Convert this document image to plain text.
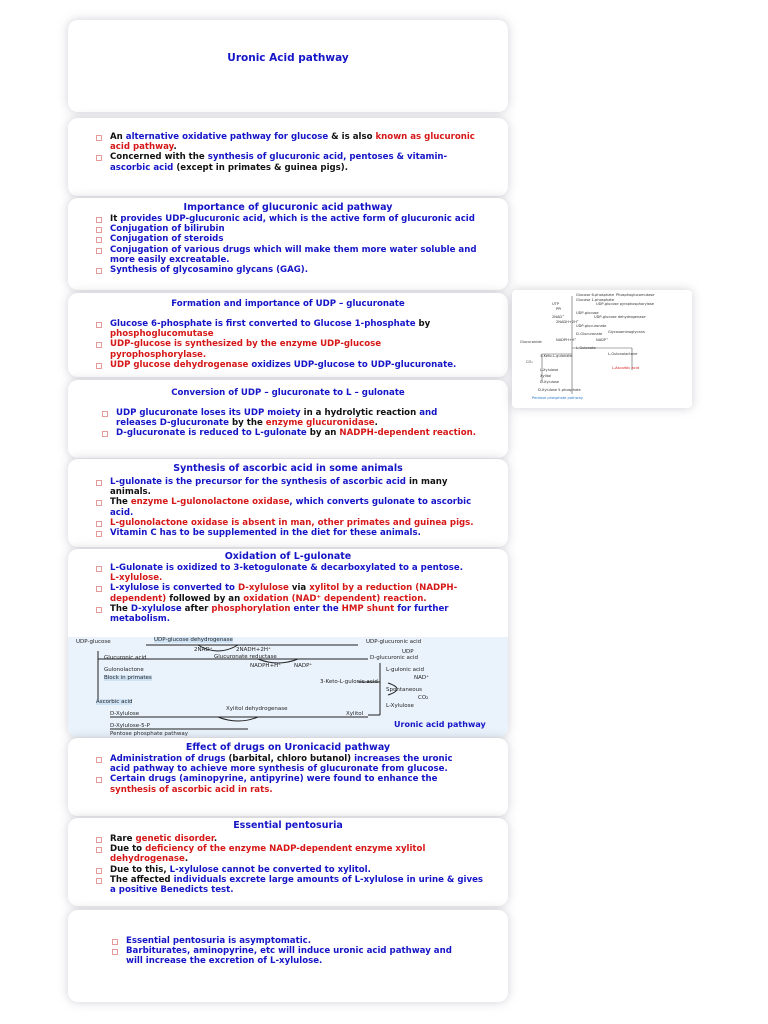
Uronic Acid pathway
An alternative oxidative pathway for glucose & is also known as glucuronic acid pathway.
Concerned with the synthesis of glucuronic acid, pentoses & vitamin-ascorbic acid (except in primates & guinea pigs).
Importance of glucuronic acid pathway
It provides UDP-glucuronic acid, which is the active form of glucuronic acid
Conjugation of bilirubin
Conjugation of steroids
Conjugation of various drugs which will make them more water soluble and more easily excreatable.
Synthesis of glycosamino glycans (GAG).
Formation and importance of UDP – glucuronate
Glucose 6-phosphate is first converted to Glucose 1-phosphate by phosphoglucomutase
UDP-glucose is synthesized by the enzyme UDP-glucose pyrophosphorylase.
UDP glucose dehydrogenase oxidizes UDP-glucose to UDP-glucuronate.
Conversion of UDP – glucuronate to L – gulonate
UDP glucuronate loses its UDP moiety in a hydrolytic reaction and releases D-glucuronate by the enzyme glucuronidase.
D-glucuronate is reduced to L-gulonate by an NADPH-dependent reaction.
Synthesis of ascorbic acid in some animals
L-gulonate is the precursor for the synthesis of ascorbic acid in many animals.
The enzyme L-gulonolactone oxidase, which converts gulonate to ascorbic acid.
L-gulonolactone oxidase is absent in man, other primates and guinea pigs.
Vitamin C has to be supplemented in the diet for these animals.
Oxidation of L-gulonate
L-Gulonate is oxidized to 3-ketogulonate & decarboxylated to a pentose. L-xylulose.
L-xylulose is converted to D-xylulose via xylitol by a reduction (NADPH-dependent) followed by an oxidation (NAD⁺ dependent) reaction.
The D-xylulose after phosphorylation enter the HMP shunt for further metabolism.
UDP-glucose	UDP-glucose dehydrogenase	UDP-glucuronic acid
2NAD⁺	2NADH+2H⁺	UDP
Glucuronic acid	Glucuronate reductase	D-glucuronic acid
NADPH+H⁺ NADP⁺
L-gulonic acid
NAD⁺
3-Keto-L-gulonic acid
Spontaneous
CO₂
L-Xylulose
Xylitol dehydrogenase
Xylitol
D-Xylulose
D-Xylulose-5-P
Pentose phosphate pathway
Ascorbic acid
Gulonolactone
Block in primates
Uronic acid pathway
Glucose 6-phosphate Phosphoglucomutase
Glucose 1-phosphate
UTP	UDP-glucose pyrophosphorylase
PPi
UDP-glucose
2NAD⁺	UDP-glucose dehydrogenase
2NADH+2H⁺
UDP-glucuronate
D-Glucuronate
NADPH+H⁺	NADP⁺
L-Gulonate
L-Gulonolactone
L-Ascorbic acid
3-Keto-L-gulonate
CO₂
L-Xylulose
Xylitol
D-Xylulose
D-Xylulose 5-phosphate
Pentose phosphate pathway
Glucuronide
Glycosaminoglycans
Effect of drugs on Uronicacid pathway
Administration of drugs (barbital, chloro butanol) increases the uronic acid pathway to achieve more synthesis of glucuronate from glucose.
Certain drugs (aminopyrine, antipyrine) were found to enhance the synthesis of ascorbic acid in rats.
Essential pentosuria
Rare genetic disorder.
Due to deficiency of the enzyme NADP-dependent enzyme xylitol dehydrogenase.
Due to this, L-xylulose cannot be converted to xylitol.
The affected individuals excrete large amounts of L-xylulose in urine & gives a positive Benedicts test.
Essential pentosuria is asymptomatic.
Barbiturates, aminopyrine, etc will induce uronic acid pathway and will increase the excretion of L-xylulose.
